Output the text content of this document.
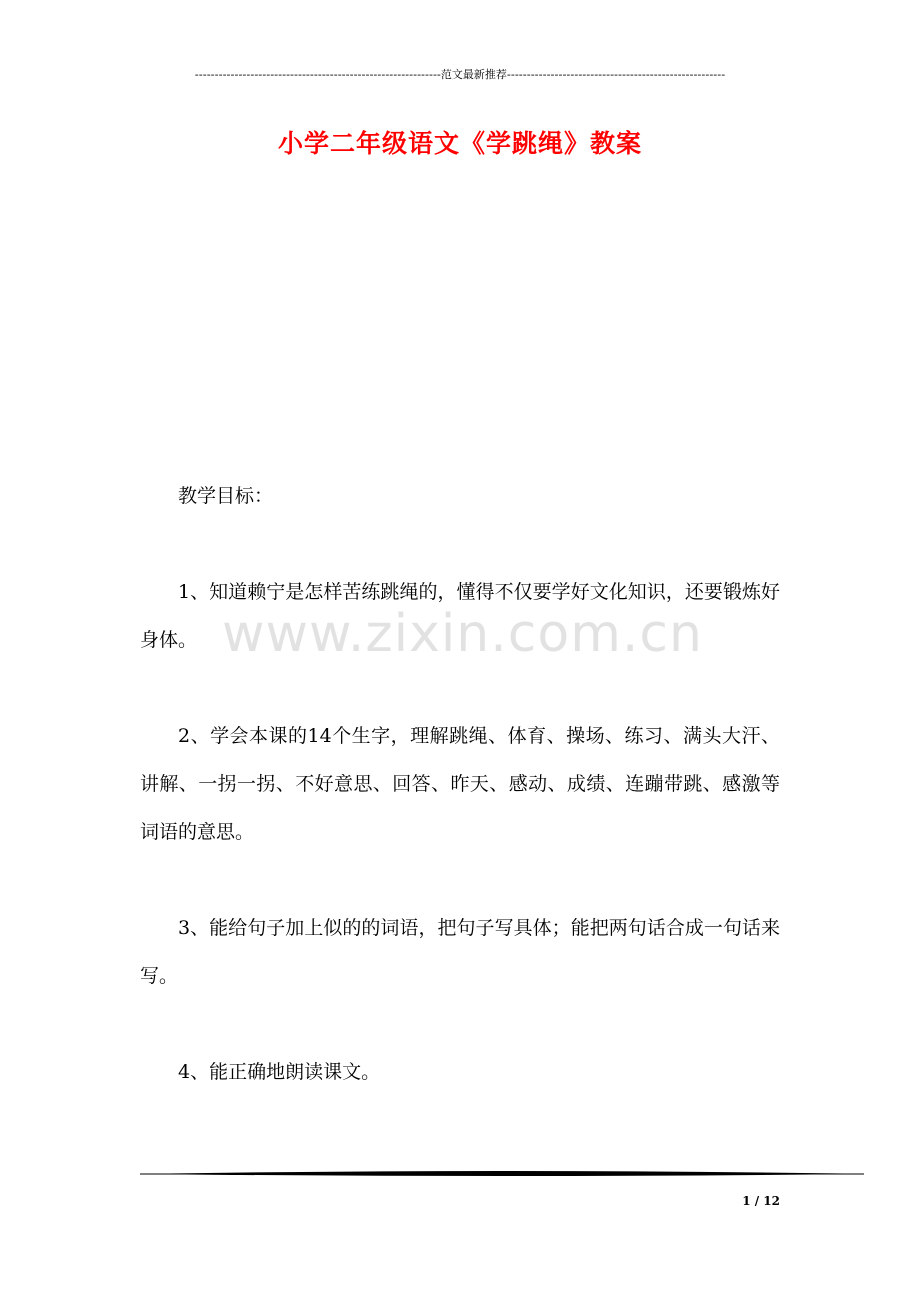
--------------------------------------------------------------范文最新推荐-------------------------------------------------------
小学二年级语文《学跳绳》教案

教学目标：

1、知道赖宁是怎样苦练跳绳的，懂得不仅要学好文化知识，还要锻炼好身体。

2、学会本课的14个生字，理解跳绳、体育、操场、练习、满头大汗、讲解、一拐一拐、不好意思、回答、昨天、感动、成绩、连蹦带跳、感激等词语的意思。

3、能给句子加上似的的词语，把句子写具体；能把两句话合成一句话来写。

4、能正确地朗读课文。

www.zixin.com.cn
1 / 12
